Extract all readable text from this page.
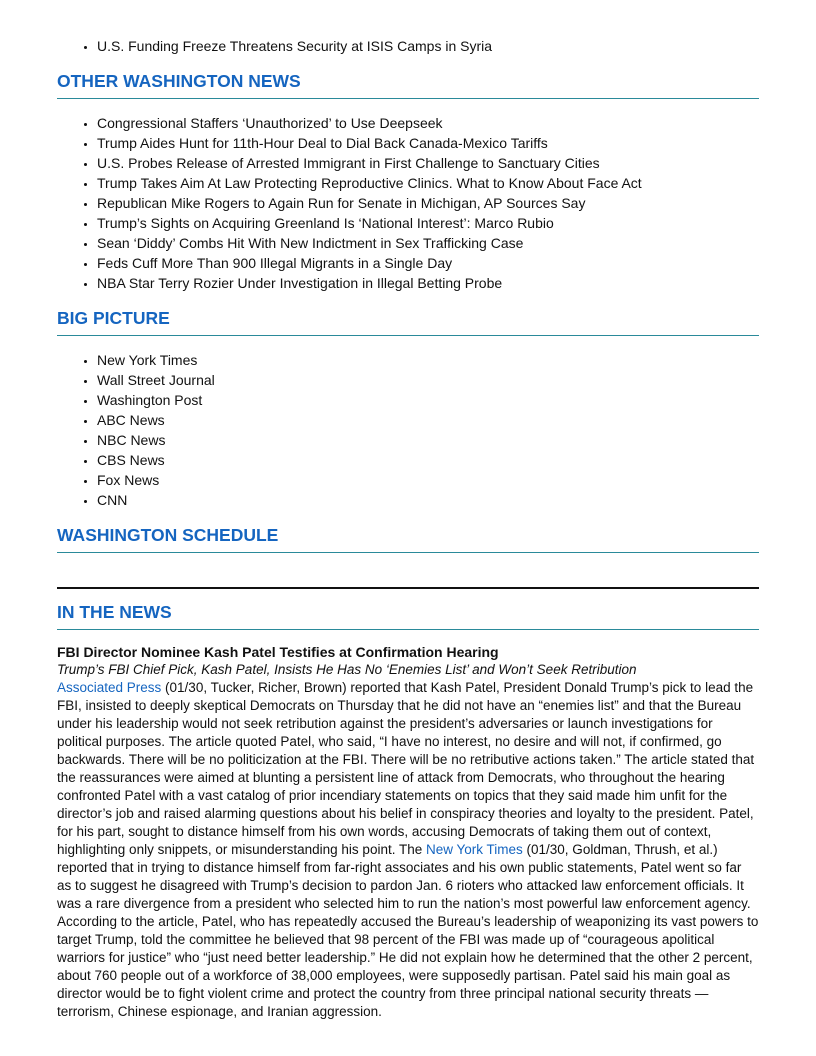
• U.S. Funding Freeze Threatens Security at ISIS Camps in Syria
OTHER WASHINGTON NEWS
• Congressional Staffers ‘Unauthorized’ to Use Deepseek
• Trump Aides Hunt for 11th-Hour Deal to Dial Back Canada-Mexico Tariffs
• U.S. Probes Release of Arrested Immigrant in First Challenge to Sanctuary Cities
• Trump Takes Aim At Law Protecting Reproductive Clinics. What to Know About Face Act
• Republican Mike Rogers to Again Run for Senate in Michigan, AP Sources Say
• Trump’s Sights on Acquiring Greenland Is ‘National Interest’: Marco Rubio
• Sean ‘Diddy’ Combs Hit With New Indictment in Sex Trafficking Case
• Feds Cuff More Than 900 Illegal Migrants in a Single Day
• NBA Star Terry Rozier Under Investigation in Illegal Betting Probe
BIG PICTURE
• New York Times
• Wall Street Journal
• Washington Post
• ABC News
• NBC News
• CBS News
• Fox News
• CNN
WASHINGTON SCHEDULE
IN THE NEWS
FBI Director Nominee Kash Patel Testifies at Confirmation Hearing
Trump’s FBI Chief Pick, Kash Patel, Insists He Has No ‘Enemies List’ and Won’t Seek Retribution

Associated Press (01/30, Tucker, Richer, Brown) reported that Kash Patel, President Donald Trump’s pick to lead the FBI, insisted to deeply skeptical Democrats on Thursday that he did not have an “enemies list” and that the Bureau under his leadership would not seek retribution against the president’s adversaries or launch investigations for political purposes. The article quoted Patel, who said, “I have no interest, no desire and will not, if confirmed, go backwards. There will be no politicization at the FBI. There will be no retributive actions taken.” The article stated that the reassurances were aimed at blunting a persistent line of attack from Democrats, who throughout the hearing confronted Patel with a vast catalog of prior incendiary statements on topics that they said made him unfit for the director’s job and raised alarming questions about his belief in conspiracy theories and loyalty to the president. Patel, for his part, sought to distance himself from his own words, accusing Democrats of taking them out of context, highlighting only snippets, or misunderstanding his point. The New York Times (01/30, Goldman, Thrush, et al.) reported that in trying to distance himself from far-right associates and his own public statements, Patel went so far as to suggest he disagreed with Trump’s decision to pardon Jan. 6 rioters who attacked law enforcement officials. It was a rare divergence from a president who selected him to run the nation’s most powerful law enforcement agency. According to the article, Patel, who has repeatedly accused the Bureau’s leadership of weaponizing its vast powers to target Trump, told the committee he believed that 98 percent of the FBI was made up of “courageous apolitical warriors for justice” who “just need better leadership.” He did not explain how he determined that the other 2 percent, about 760 people out of a workforce of 38,000 employees, were supposedly partisan. Patel said his main goal as director would be to fight violent crime and protect the country from three principal national security threats — terrorism, Chinese espionage, and Iranian aggression.
